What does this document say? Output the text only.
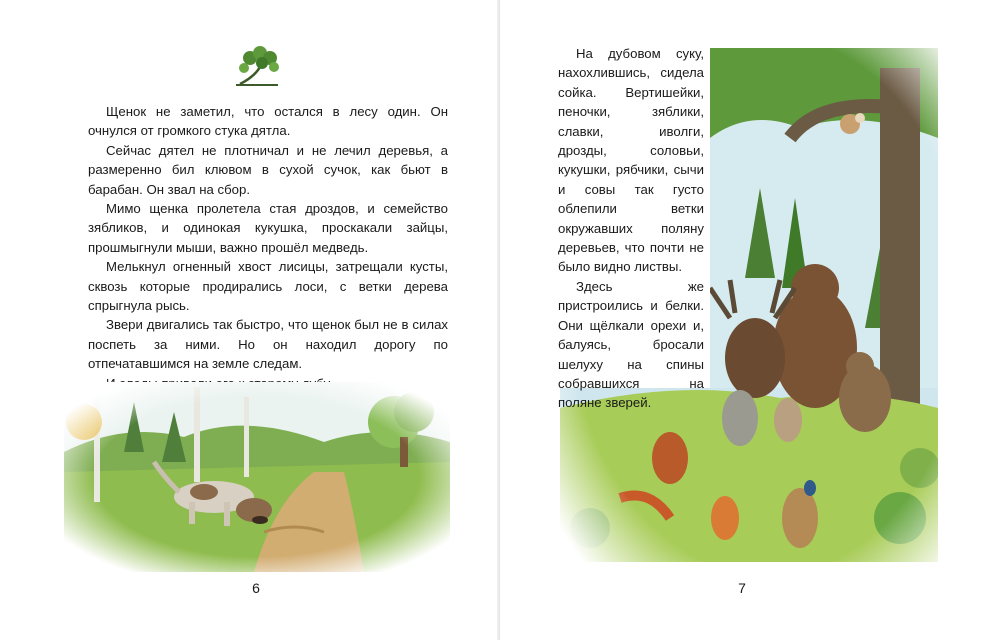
Щенок не заметил, что остался в лесу один. Он очнулся от громкого стука дятла.

Сейчас дятел не плотничал и не лечил деревья, а размеренно бил клювом в сухой сучок, как бьют в барабан. Он звал на сбор.

Мимо щенка пролетела стая дроздов, и семейство зябликов, и одинокая кукушка, проскакали зайцы, прошмыгнули мыши, важно прошёл медведь.

Мелькнул огненный хвост лисицы, затрещали кусты, сквозь которые продирались лоси, с ветки дерева спрыгнула рысь.

Звери двигались так быстро, что щенок был не в силах поспеть за ними. Но он находил дорогу по отпечатавшимся на земле следам.

6

На дубовом суку, нахохлившись, сидела сойка. Вертишейки, пеночки, зяблики, славки, иволги, дрозды, соловьи, кукушки, рябчики, сычи и совы так густо облепили ветки окружавших поляну деревьев, что почти не было видно листвы.

Здесь же пристроились и белки. Они щёлкали орехи и, балуясь, бросали шелуху на спины собравшихся на поляне зверей.

7
